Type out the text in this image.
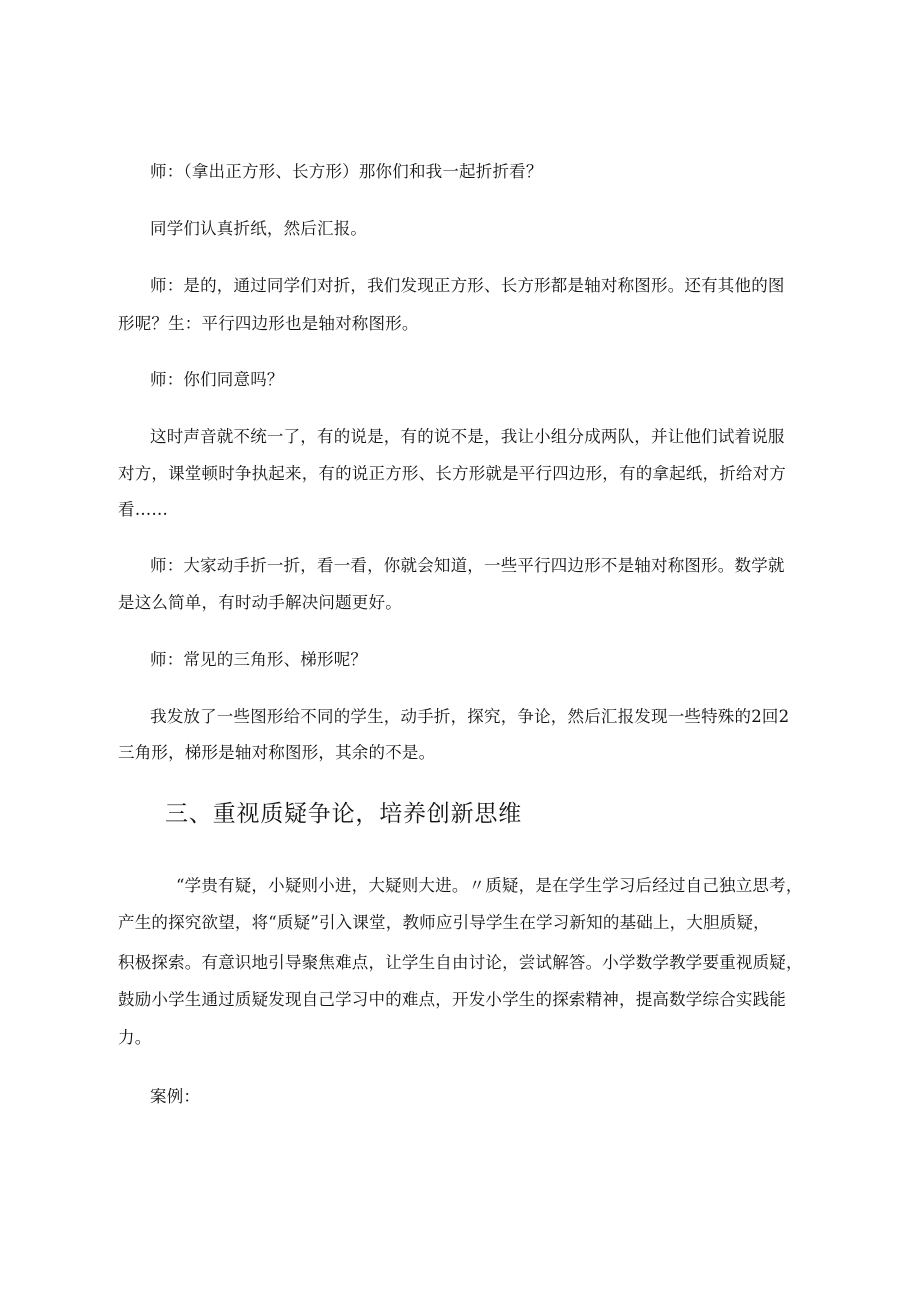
师：（拿出正方形、长方形）那你们和我一起折折看？
同学们认真折纸，然后汇报。
师：是的，通过同学们对折，我们发现正方形、长方形都是轴对称图形。还有其他的图
形呢？生：平行四边形也是轴对称图形。
师：你们同意吗？
这时声音就不统一了，有的说是，有的说不是，我让小组分成两队，并让他们试着说服
对方，课堂顿时争执起来，有的说正方形、长方形就是平行四边形，有的拿起纸，折给对方
看……
师：大家动手折一折，看一看，你就会知道，一些平行四边形不是轴对称图形。数学就
是这么简单，有时动手解决问题更好。
师：常见的三角形、梯形呢？
我发放了一些图形给不同的学生，动手折，探究，争论，然后汇报发现一些特殊的2回2
三角形，梯形是轴对称图形，其余的不是。
三、重视质疑争论，培养创新思维
“学贵有疑，小疑则小进，大疑则大进。〃质疑，是在学生学习后经过自己独立思考，
产生的探究欲望，将“质疑”引入课堂，教师应引导学生在学习新知的基础上，大胆质疑，
积极探索。有意识地引导聚焦难点，让学生自由讨论，尝试解答。小学数学教学要重视质疑，
鼓励小学生通过质疑发现自己学习中的难点，开发小学生的探索精神，提高数学综合实践能
力。
案例：
